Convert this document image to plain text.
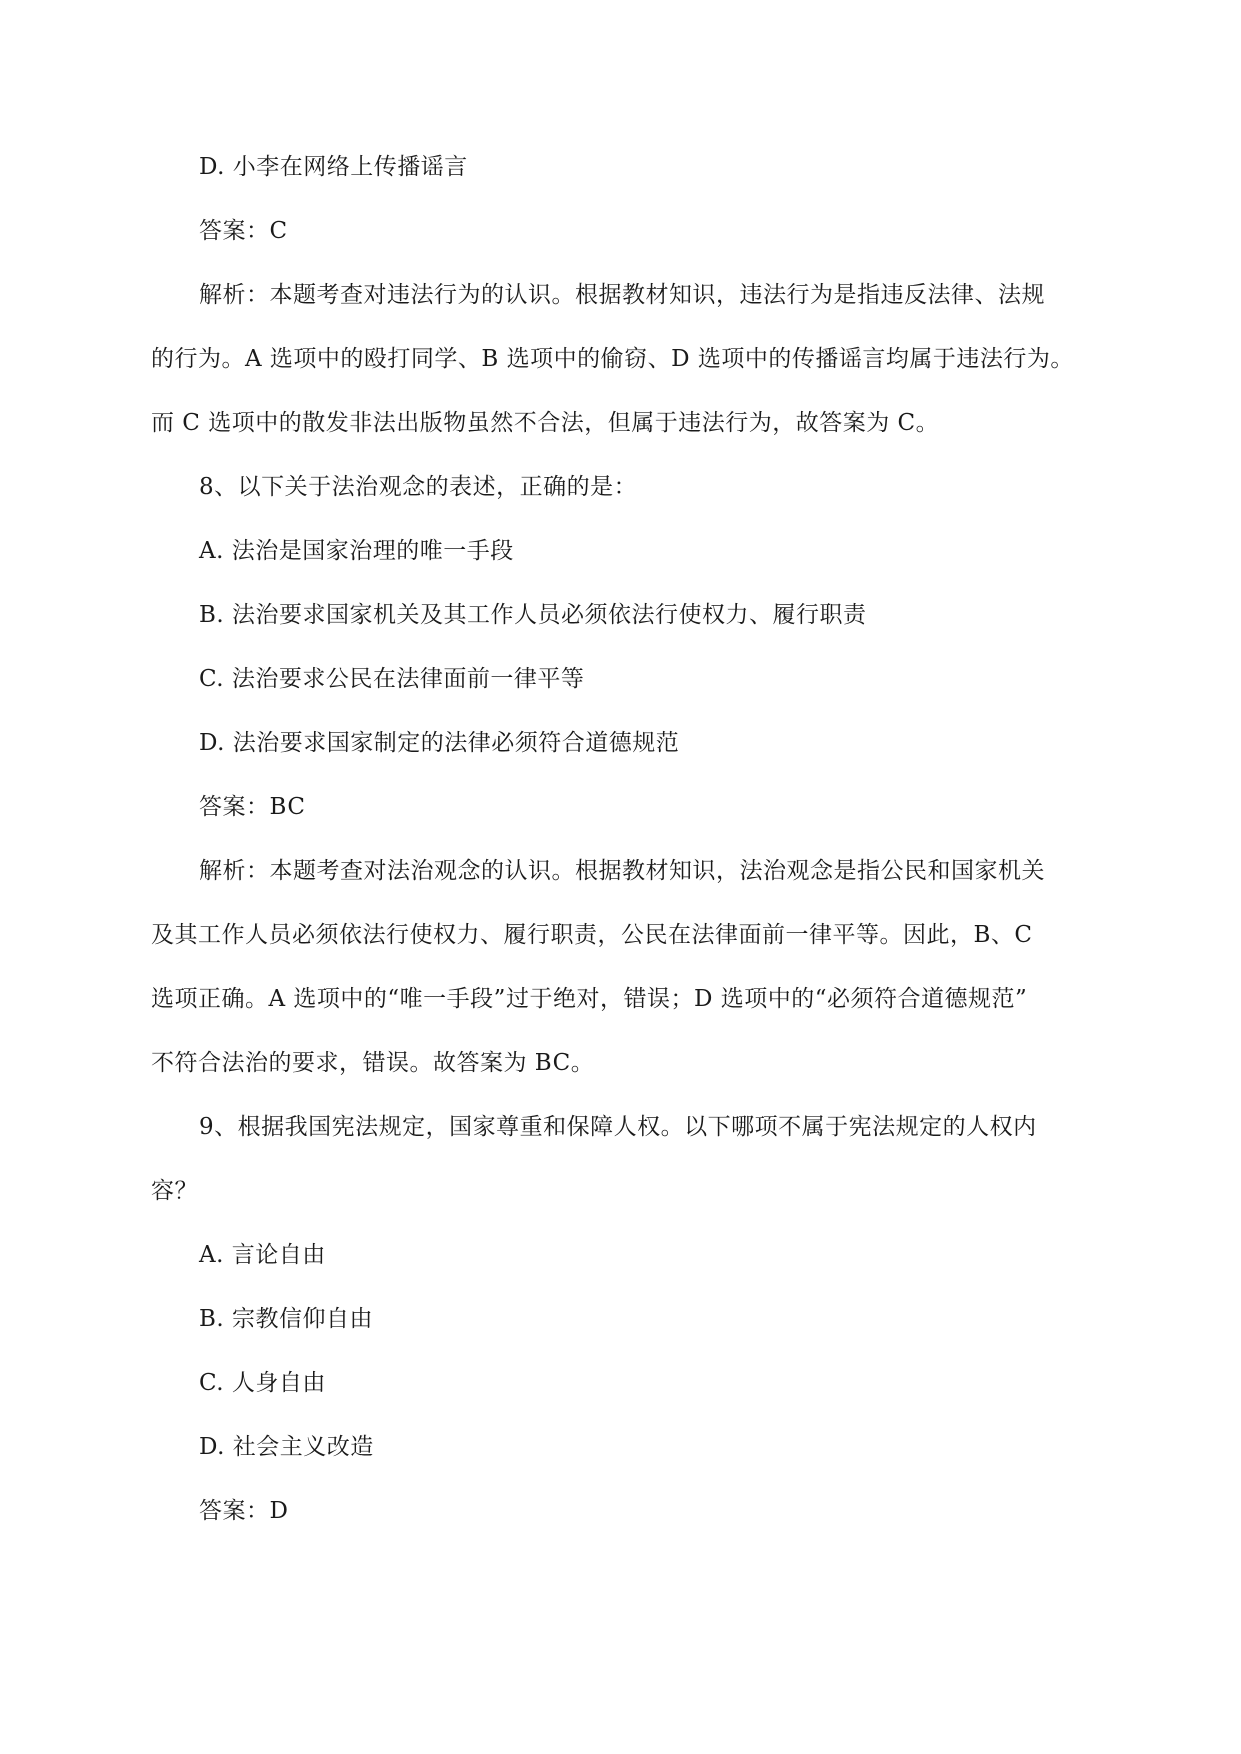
D. 小李在网络上传播谣言
答案：C
解析：本题考查对违法行为的认识。根据教材知识，违法行为是指违反法律、法规
的行为。A 选项中的殴打同学、B 选项中的偷窃、D 选项中的传播谣言均属于违法行为。
而 C 选项中的散发非法出版物虽然不合法，但属于违法行为，故答案为 C。
8、以下关于法治观念的表述，正确的是：
A. 法治是国家治理的唯一手段
B. 法治要求国家机关及其工作人员必须依法行使权力、履行职责
C. 法治要求公民在法律面前一律平等
D. 法治要求国家制定的法律必须符合道德规范
答案：BC
解析：本题考查对法治观念的认识。根据教材知识，法治观念是指公民和国家机关
及其工作人员必须依法行使权力、履行职责，公民在法律面前一律平等。因此，B、C
选项正确。A 选项中的“唯一手段”过于绝对，错误；D 选项中的“必须符合道德规范”
不符合法治的要求，错误。故答案为 BC。
9、根据我国宪法规定，国家尊重和保障人权。以下哪项不属于宪法规定的人权内
容？
A. 言论自由
B. 宗教信仰自由
C. 人身自由
D. 社会主义改造
答案：D
